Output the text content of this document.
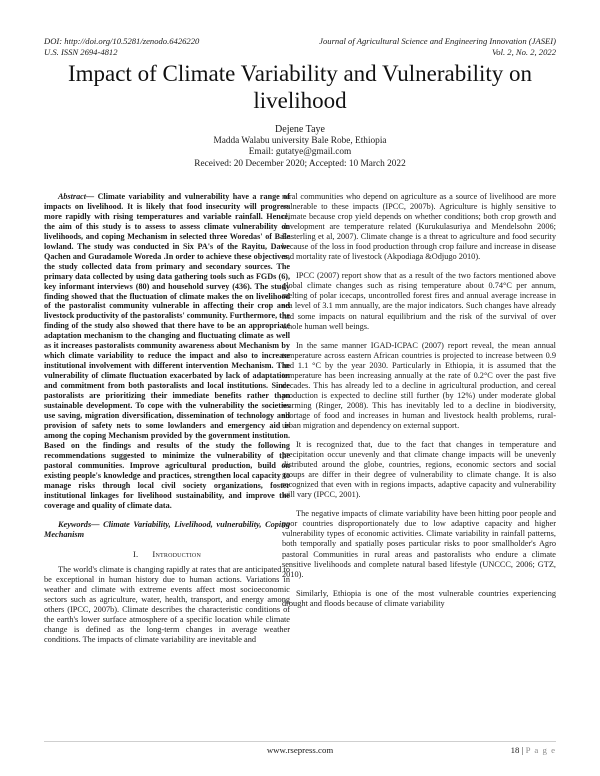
DOI: http://doi.org/10.5281/zenodo.6426220
U.S. ISSN 2694-4812
Journal of Agricultural Science and Engineering Innovation (JASEI)
Vol. 2, No. 2, 2022
Impact of Climate Variability and Vulnerability on livelihood
Dejene Taye
Madda Walabu university Bale Robe, Ethiopia
Email: gutatye@gmail.com
Received: 20 December 2020; Accepted: 10 March 2022

Abstract— Climate variability and vulnerability have a range of impacts on livelihood. It is likely that food insecurity will progress more rapidly with rising temperatures and variable rainfall. Hence, the aim of this study is to assess to assess climate vulnerability on livelihoods, and coping Mechanism in selected three Woredas' of Bale lowland. The study was conducted in Six PA's of the Rayitu, Dawe Qachen and Guradamole Woreda .In order to achieve these objectives, the study collected data from primary and secondary sources. The primary data collected by using data gathering tools such as FGDs (6), key informant interviews (80) and household survey (436). The study finding showed that the fluctuation of climate makes the on livelihood of the pastoralist community vulnerable in affecting their crop and livestock productivity of the pastoralists' community. Furthermore, the finding of the study also showed that there have to be an appropriate adaptation mechanism to the changing and fluctuating climate as well as it increases pastoralists community awareness about Mechanism by which climate variability to reduce the impact and also to increase institutional involvement with different intervention Mechanism. The vulnerability of climate fluctuation exacerbated by lack of adaptation and commitment from both pastoralists and local institutions. Since pastoralists are prioritizing their immediate benefits rather than sustainable development. To cope with the vulnerability the societies use saving, migration diversification, dissemination of technology and provision of safety nets to some lowlanders and emergency aid is among the coping Mechanism provided by the government institution. Based on the findings and results of the study the following recommendations suggested to minimize the vulnerability of the pastoral communities. Improve agricultural production, build on existing people's knowledge and practices, strengthen local capacity to manage risks through local civil society organizations, foster institutional linkages for livelihood sustainability, and improve the coverage and quality of climate data.

Keywords— Climate Variability, Livelihood, vulnerability, Coping Mechanism

I. Introduction

The world's climate is changing rapidly at rates that are anticipated to be exceptional in human history due to human actions. Variations in weather and climate with extreme events affect most socioeconomic sectors such as agriculture, water, health, transport, and energy among others (IPCC, 2007b). Climate describes the characteristic conditions of the earth's lower surface atmosphere of a specific location while climate change is defined as the long-term changes in average weather conditions. The impacts of climate variability are inevitable and

rural communities who depend on agriculture as a source of livelihood are more vulnerable to these impacts (IPCC, 2007b). Agriculture is highly sensitive to climate because crop yield depends on whether conditions; both crop growth and development are temperature related (Kurukulasuriya and Mendelsohn 2006; Easterling et al, 2007). Climate change is a threat to agriculture and food security because of the loss in food production through crop failure and increase in disease and mortality rate of livestock (Akpodiaga &Odjugo 2010).

IPCC (2007) report show that as a result of the two factors mentioned above global climate changes such as rising temperature about 0.74°C per annum, melting of polar icecaps, uncontrolled forest fires and annual average increase in sea level of 3.1 mm annually, are the major indicators. Such changes have already had some impacts on natural equilibrium and the risk of the survival of over whole human well beings.

In the same manner IGAD-ICPAC (2007) report reveal, the mean annual temperature across eastern African countries is projected to increase between 0.9 and 1.1 °C by the year 2030. Particularly in Ethiopia, it is assumed that the temperature has been increasing annually at the rate of 0.2°C over the past five decades. This has already led to a decline in agricultural production, and cereal production is expected to decline still further (by 12%) under moderate global warming (Ringer, 2008). This has inevitably led to a decline in biodiversity, shortage of food and increases in human and livestock health problems, rural-urban migration and dependency on external support.

It is recognized that, due to the fact that changes in temperature and precipitation occur unevenly and that climate change impacts will be unevenly distributed around the globe, countries, regions, economic sectors and social groups are differ in their degree of vulnerability to climate change. It is also recognized that even with in regions impacts, adaptive capacity and vulnerability will vary (IPCC, 2001).

The negative impacts of climate variability have been hitting poor people and poor countries disproportionately due to low adaptive capacity and higher vulnerability types of economic activities. Climate variability in rainfall patterns, both temporally and spatially poses particular risks to poor smallholder's Agro pastoral Communities in rural areas and pastoralists who endure a climate sensitive livelihoods and complete natural based lifestyle (UNCCC, 2006; GTZ, 2010).

Similarly, Ethiopia is one of the most vulnerable countries experiencing drought and floods because of climate variability

www.rsepress.com	18 | P a g e
